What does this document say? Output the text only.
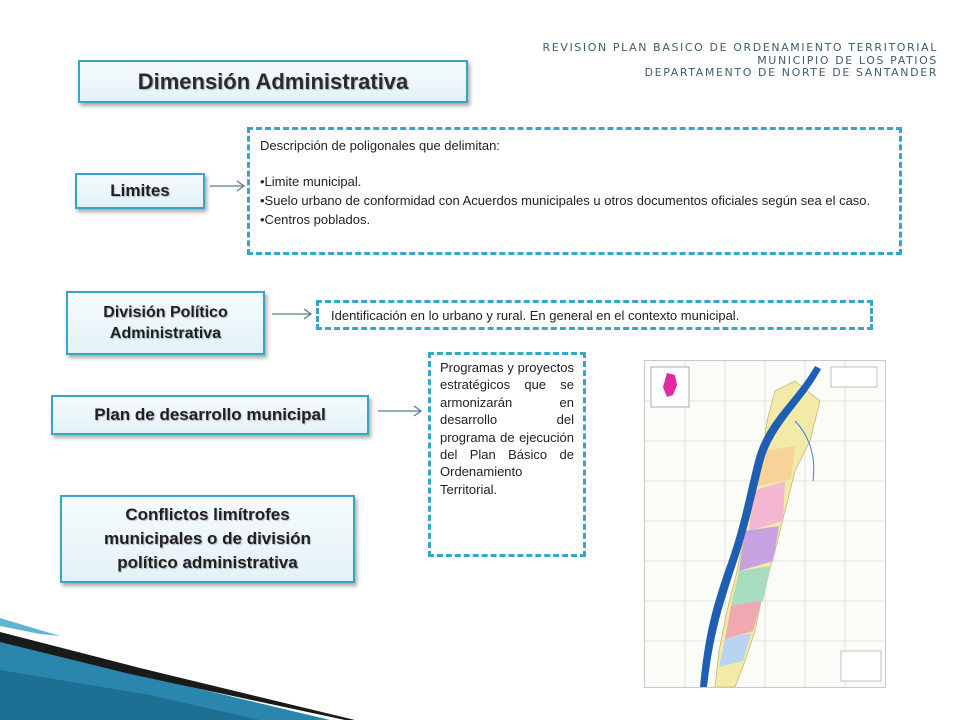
REVISION PLAN BASICO DE ORDENAMIENTO TERRITORIAL
MUNICIPIO DE LOS PATIOS
DEPARTAMENTO DE NORTE DE SANTANDER
Dimensión Administrativa
Limites
Descripción de poligonales que delimitan:
•Limite municipal.
•Suelo urbano de conformidad con Acuerdos municipales u otros documentos oficiales según sea el caso.
•Centros poblados.
División Político
Administrativa
Identificación en lo urbano y rural. En general en el contexto municipal.
Plan de desarrollo municipal
Programas y proyectos estratégicos que se armonizarán en desarrollo del programa de ejecución del Plan Básico de Ordenamiento Territorial.
Conflictos limítrofes
municipales o de división
político administrativa
